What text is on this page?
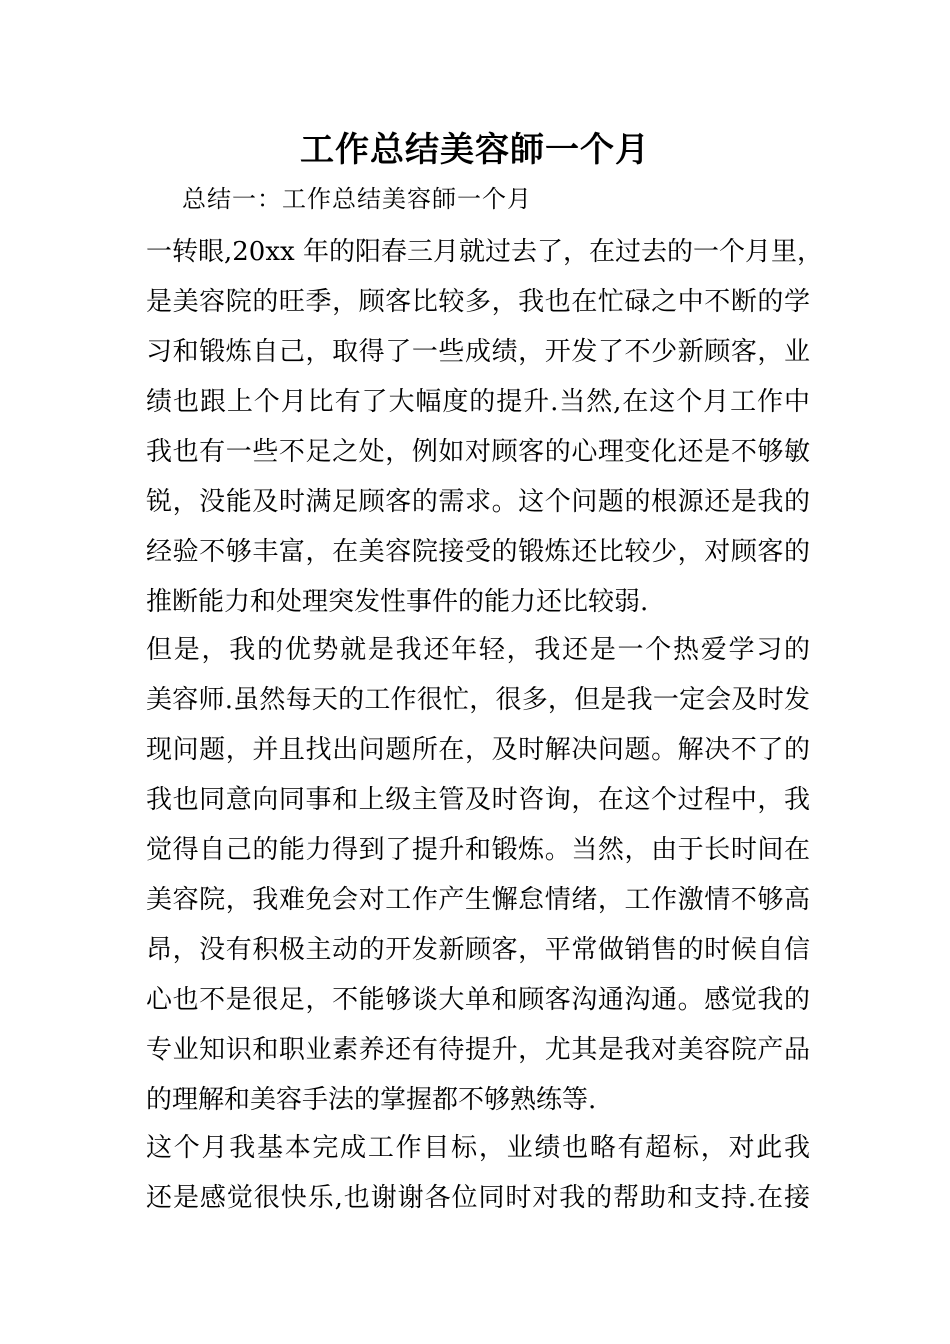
工作总结美容師一个月
总结一：工作总结美容師一个月
一转眼,20xx 年的阳春三月就过去了，在过去的一个月里，
是美容院的旺季，顾客比较多，我也在忙碌之中不断的学
习和锻炼自己，取得了一些成绩，开发了不少新顾客，业
绩也跟上个月比有了大幅度的提升.当然,在这个月工作中
我也有一些不足之处，例如对顾客的心理变化还是不够敏
锐，没能及时满足顾客的需求。这个问题的根源还是我的
经验不够丰富，在美容院接受的锻炼还比较少，对顾客的
推断能力和处理突发性事件的能力还比较弱.
但是，我的优势就是我还年轻，我还是一个热爱学习的
美容师.虽然每天的工作很忙，很多，但是我一定会及时发
现问题，并且找出问题所在，及时解决问题。解决不了的
我也同意向同事和上级主管及时咨询，在这个过程中，我
觉得自己的能力得到了提升和锻炼。当然，由于长时间在
美容院，我难免会对工作产生懈怠情绪，工作激情不够高
昂，没有积极主动的开发新顾客，平常做销售的时候自信
心也不是很足，不能够谈大单和顾客沟通沟通。感觉我的
专业知识和职业素养还有待提升，尤其是我对美容院产品
的理解和美容手法的掌握都不够熟练等.
这个月我基本完成工作目标，业绩也略有超标，对此我
还是感觉很快乐,也谢谢各位同时对我的帮助和支持.在接
